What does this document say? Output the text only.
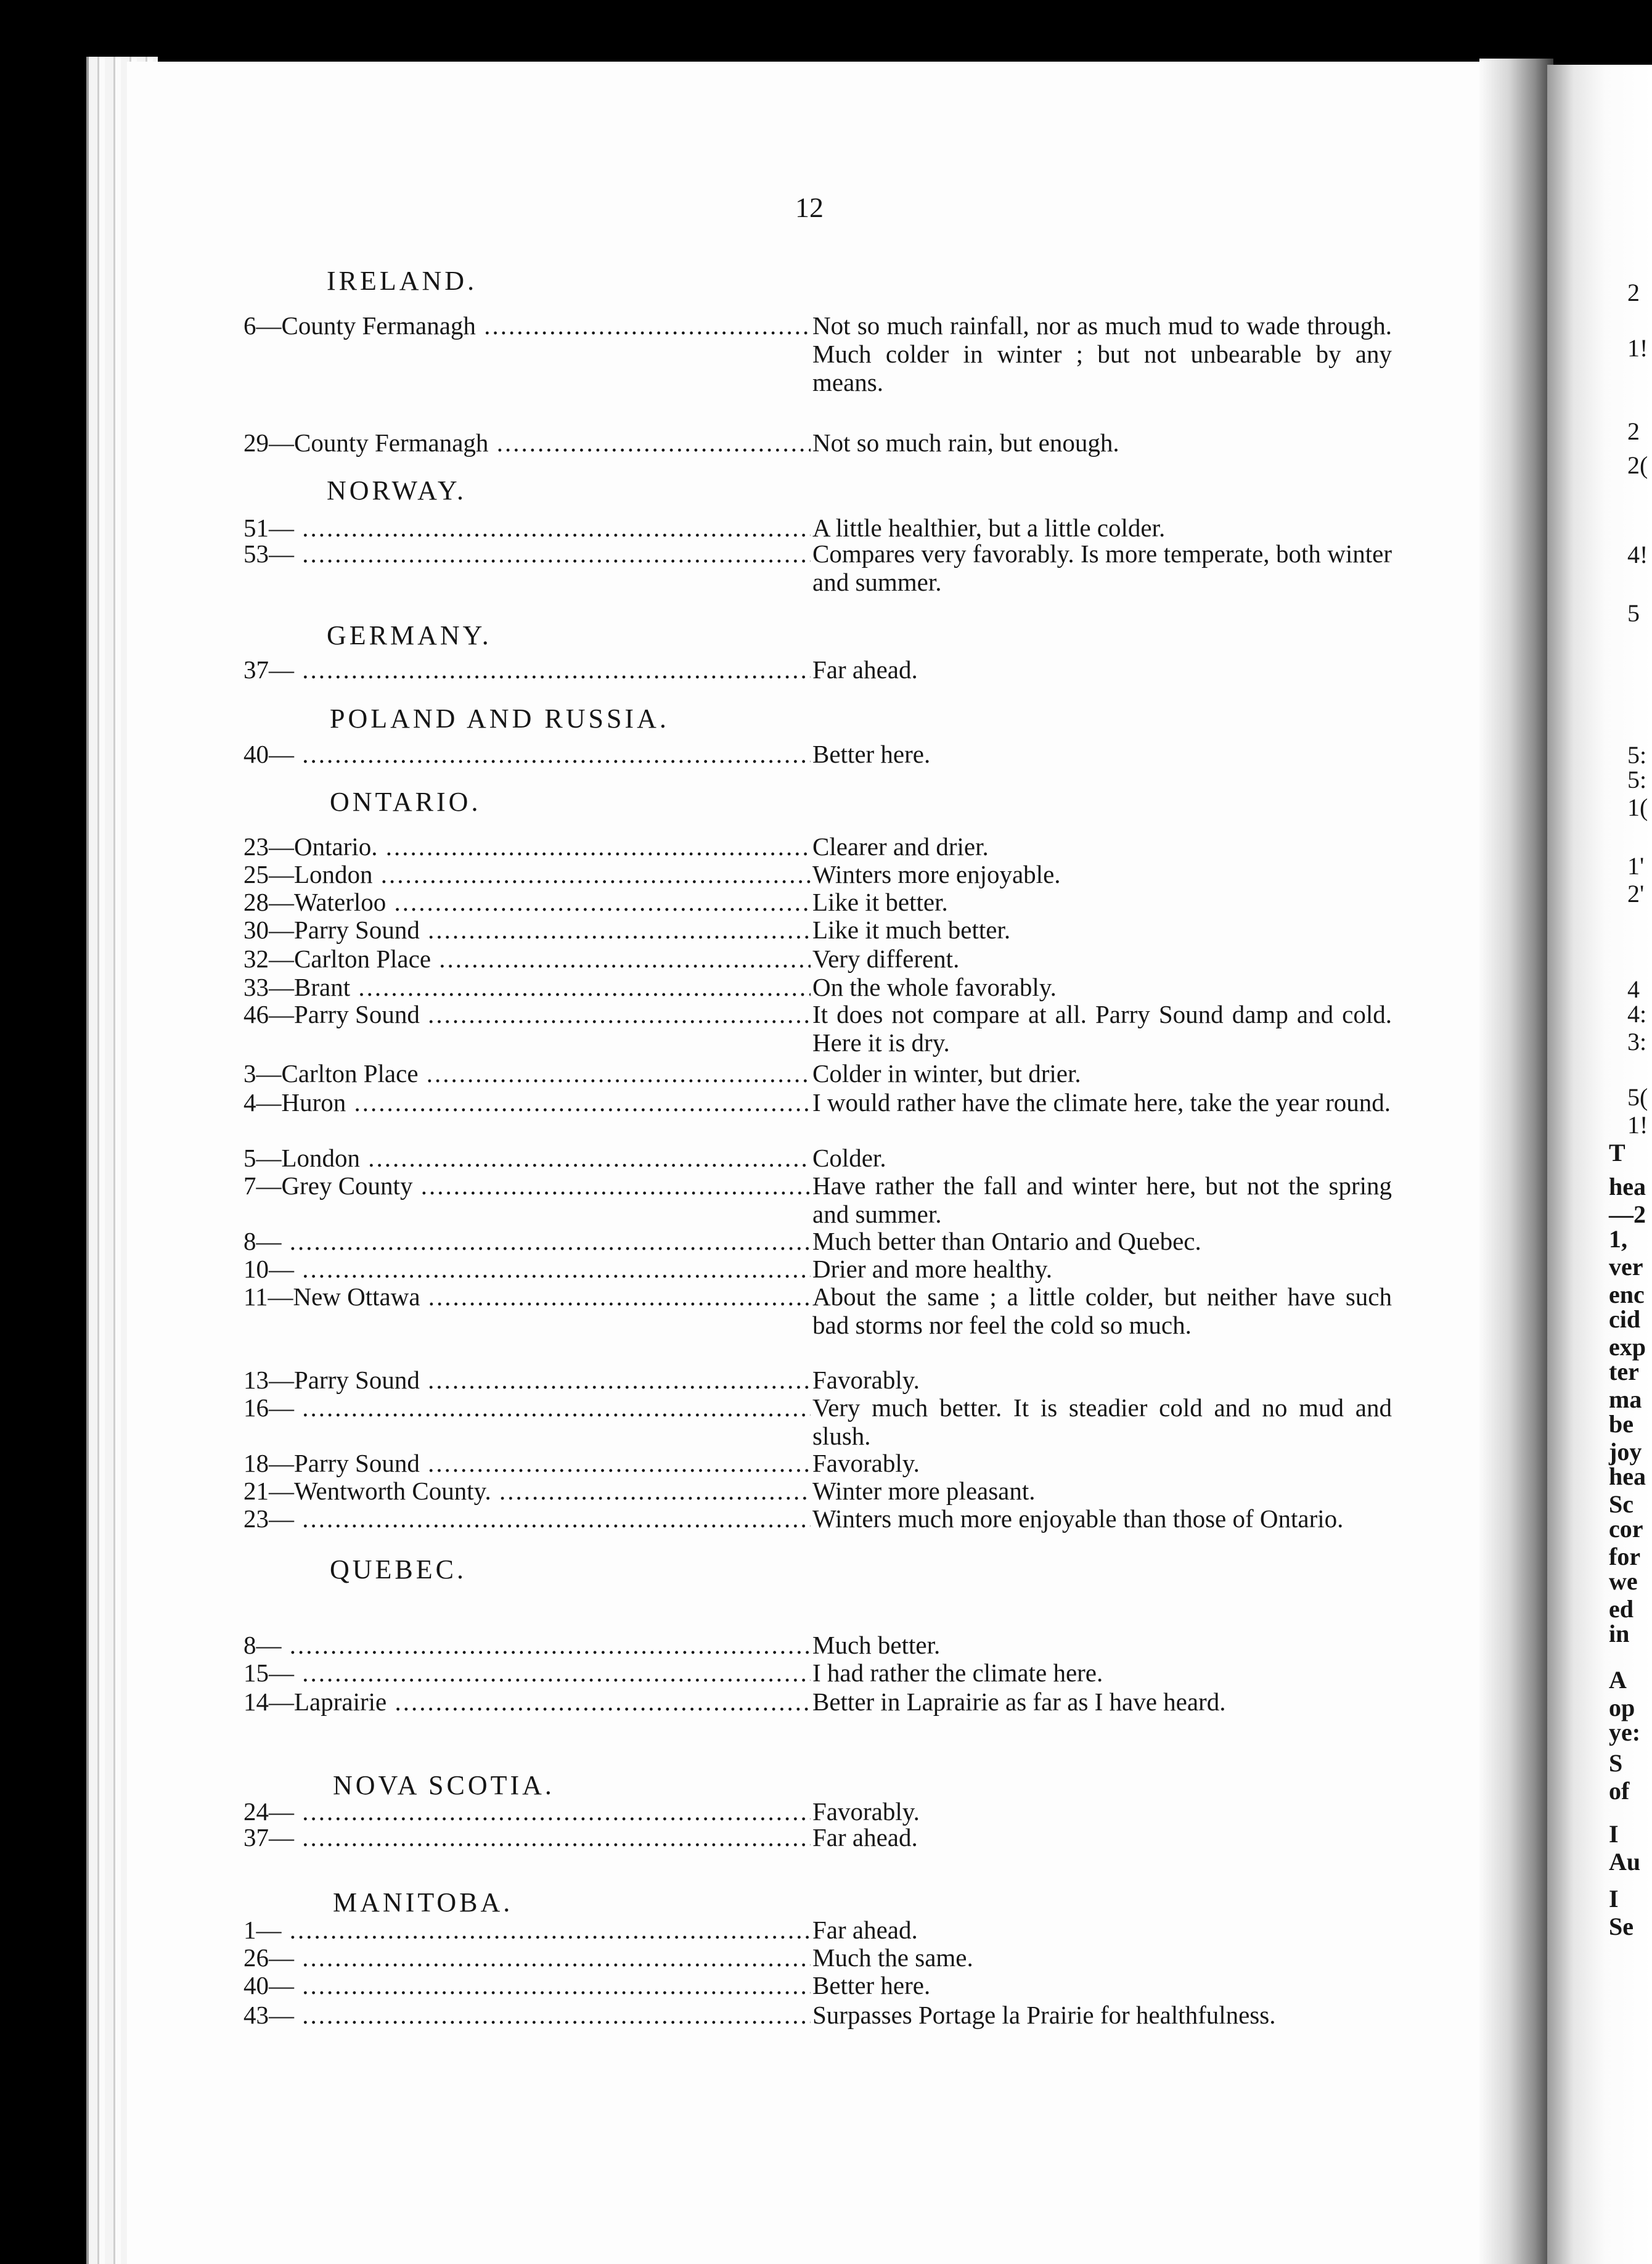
2
1!
2
2(
4!
5
5:
5:
1(
1'
2'
4
4:
3:
5(
1!
T
hea
—2
1,
ver
enc
cid
exp
ter
ma
be
joy
hea
Sc
cor
for
we
ed
in
A
op
ye:
S
of
I
Au
I
Se
12
IRELAND.
6—County Fermanagh .....	Not so much rainfall, nor as much mud to wade through. Much colder in winter ; but not unbearable by any means.
29—County Fermanagh .....	Not so much rain, but enough.
NORWAY.
51— .....	A little healthier, but a little colder.
53— .....	Compares very favorably. Is more temperate, both winter and summer.
GERMANY.
37— .....	Far ahead.
POLAND AND RUSSIA.
40— .....	Better here.
ONTARIO.
23—Ontario. .....	Clearer and drier.
25—London .....	Winters more enjoyable.
28—Waterloo .....	Like it better.
30—Parry Sound .....	Like it much better.
32—Carlton Place .....	Very different.
33—Brant .....	On the whole favorably.
46—Parry Sound .....	It does not compare at all. Parry Sound damp and cold. Here it is dry.
3—Carlton Place .....	Colder in winter, but drier.
4—Huron .....	I would rather have the climate here, take the year round.
5—London .....	Colder.
7—Grey County .....	Have rather the fall and winter here, but not the spring and summer.
8— .....	Much better than Ontario and Quebec.
10— .....	Drier and more healthy.
11—New Ottawa .....	About the same ; a little colder, but neither have such bad storms nor feel the cold so much.
13—Parry Sound .....	Favorably.
16— .....	Very much better. It is steadier cold and no mud and slush.
18—Parry Sound .....	Favorably.
21—Wentworth County. .....	Winter more pleasant.
23— .....	Winters much more enjoyable than those of Ontario.
QUEBEC.
8— .....	Much better.
15— .....	I had rather the climate here.
14—Laprairie .....	Better in Laprairie as far as I have heard.
NOVA SCOTIA.
24— .....	Favorably.
37— .....	Far ahead.
MANITOBA.
1— .....	Far ahead.
26— .....	Much the same.
40— .....	Better here.
43— .....	Surpasses Portage la Prairie for healthfulness.
